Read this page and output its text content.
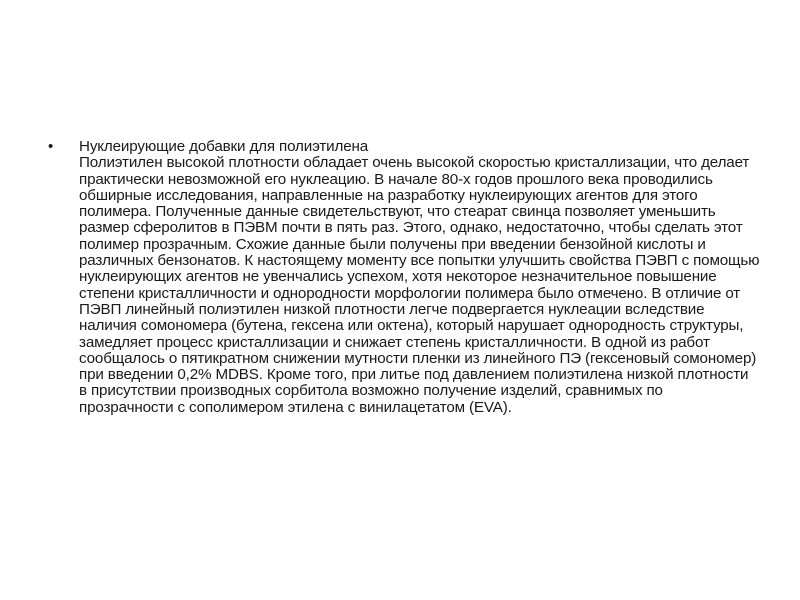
• Нуклеирующие добавки для полиэтилена
Полиэтилен высокой плотности обладает очень высокой скоростью кристаллизации, что делает практически невозможной его нуклеацию. В начале 80-х годов прошлого века проводились обширные исследования, направленные на разработку нуклеирующих агентов для этого полимера. Полученные данные свидетельствуют, что стеарат свинца позволяет уменьшить размер сферолитов в ПЭВМ почти в пять раз. Этого, однако, недостаточно, чтобы сделать этот полимер прозрачным. Схожие данные были получены при введении бензойной кислоты и различных бензонатов. К настоящему моменту все попытки улучшить свойства ПЭВП с помощью нуклеирующих агентов не увенчались успехом, хотя некоторое незначительное повышение степени кристалличности и однородности морфологии полимера было отмечено. В отличие от ПЭВП линейный полиэтилен низкой плотности легче подвергается нуклеации вследствие наличия сомономера (бутена, гексена или октена), который нарушает однородность структуры, замедляет процесс кристаллизации и снижает степень кристалличности. В одной из работ сообщалось о пятикратном снижении мутности пленки из линейного ПЭ (гексеновый сомономер) при введении 0,2% MDBS. Кроме того, при литье под давлением полиэтилена низкой плотности в присутствии производных сорбитола возможно получение изделий, сравнимых по прозрачности с сополимером этилена с винилацетатом (EVA).
